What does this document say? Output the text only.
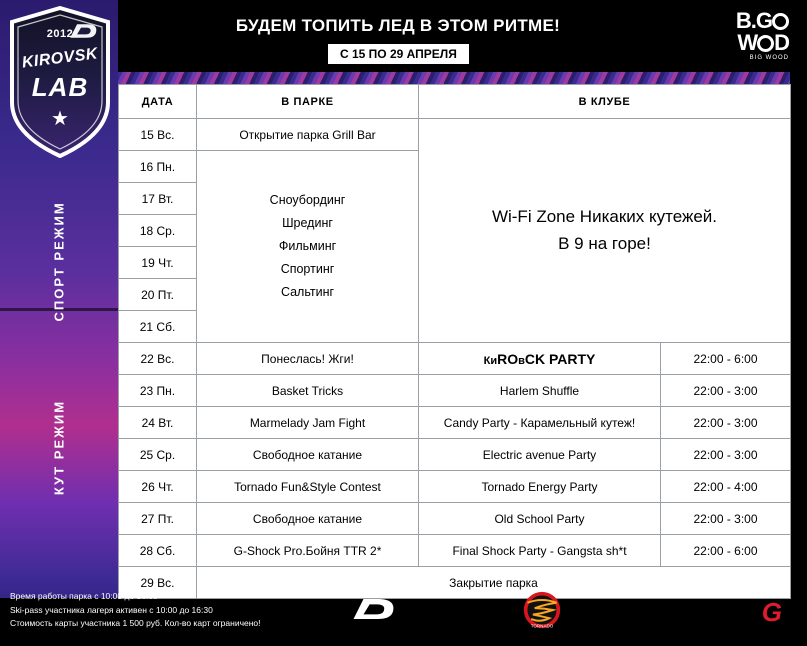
СПОРТ РЕЖИМ
КУТ РЕЖИМ
2012
KIROVSK
LAB
★
БУДЕМ ТОПИТЬ ЛЕД В ЭТОМ РИТМЕ!
С 15 ПО 29 АПРЕЛЯ
B.G
W D
BIG WOOD
ДАТА	В ПАРКЕ	В КЛУБЕ	
15 Вс.	Открытие парка Grill Bar	Wi-Fi Zone Никаких кутежей.
В 9 на горе!	

16 Пн.	Сноубординг
Шрединг
Фильминг
Спортинг
Сальтинг		

17 Вт.			
18 Ср.			
19 Чт.			
20 Пт.			
21 Сб.			
22 Вс.	Понеслась! Жги!	КиROвCK PARTY	22:00 - 6:00
23 Пн.	Basket Tricks	Harlem Shuffle	22:00 - 3:00
24 Вт.	Marmelady Jam Fight	Candy Party - Карамельный кутеж!	22:00 - 3:00
25 Ср.	Свободное катание	Electric avenue Party	22:00 - 3:00
26 Чт.	Tornado Fun&Style Contest	Tornado Energy Party	22:00 - 4:00
27 Пт.	Свободное катание	Old School Party	22:00 - 3:00
28 Сб.	G-Shock Pro.Бойня TTR 2*	Final Shock Party - Gangsta sh*t	22:00 - 6:00
29 Вс.	Закрытие парка		
Время работы парка с 10:00 до 16:00
Ski-pass участника лагеря активен с 10:00 до 16:30
Стоимость карты участника 1 500 руб. Кол-во карт ограничено!	TORNADO
G-SHOCK
G
